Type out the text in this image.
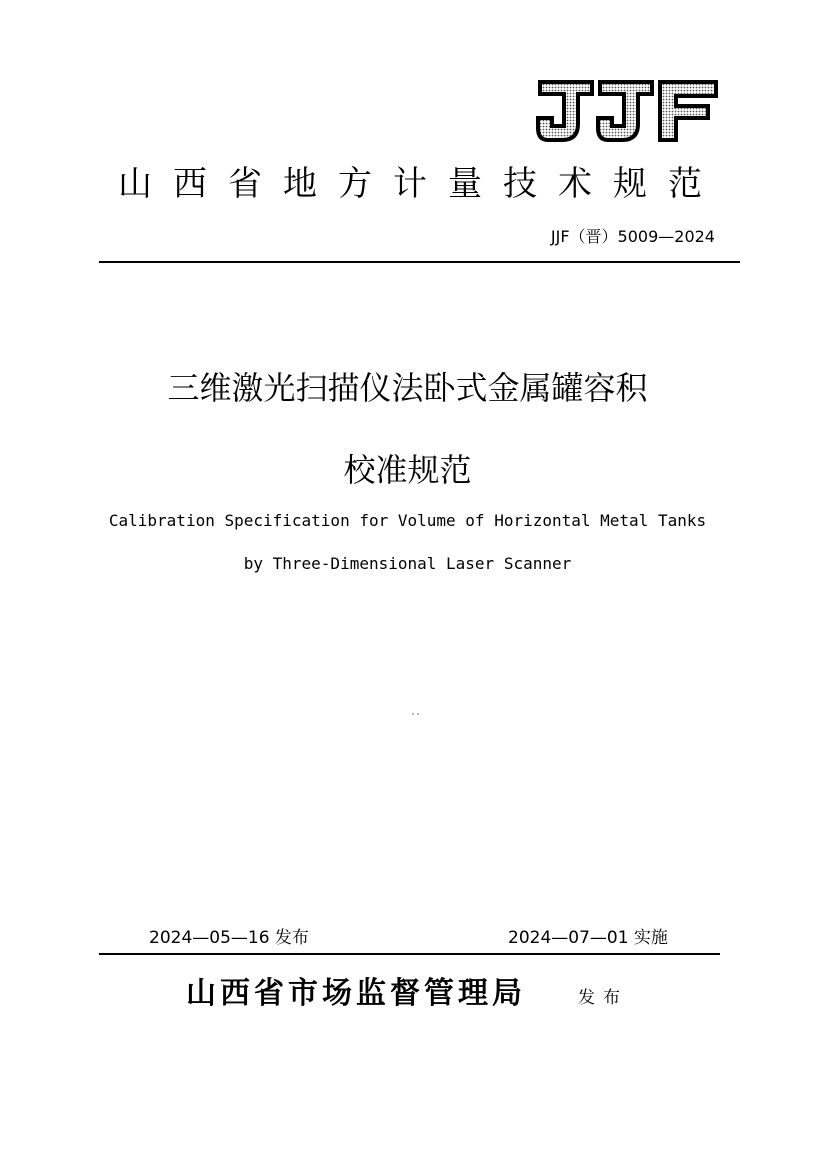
山西省地方计量技术规范
JJF（晋）5009—2024
三维激光扫描仪法卧式金属罐容积
校准规范
Calibration Specification for Volume of Horizontal Metal Tanks
by Three-Dimensional Laser Scanner
2024—05—16 发布	2024—07—01 实施
山西省市场监督管理局	发布
